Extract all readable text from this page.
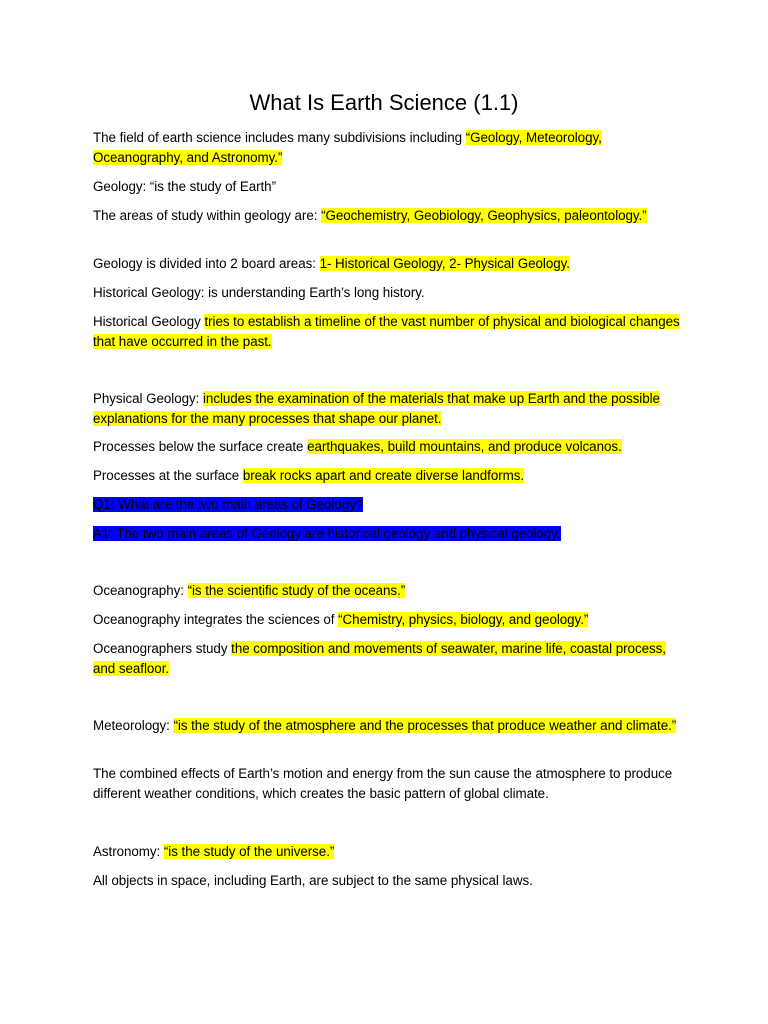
What Is Earth Science (1.1)

The field of earth science includes many subdivisions including “Geology, Meteorology, Oceanography, and Astronomy.”

Geology: “is the study of Earth”

The areas of study within geology are: “Geochemistry, Geobiology, Geophysics, paleontology.”

Geology is divided into 2 board areas: 1- Historical Geology, 2- Physical Geology.

Historical Geology: is understanding Earth’s long history.

Historical Geology tries to establish a timeline of the vast number of physical and biological changes that have occurred in the past.

Physical Geology: includes the examination of the materials that make up Earth and the possible explanations for the many processes that shape our planet.

Processes below the surface create earthquakes, build mountains, and produce volcanos.

Processes at the surface break rocks apart and create diverse landforms.

Q1: What are the two main areas of Geology?

A1: The two main areas of Geology are historical geology and physical geology.

Oceanography: “is the scientific study of the oceans.”

Oceanography integrates the sciences of “Chemistry, physics, biology, and geology.”

Oceanographers study the composition and movements of seawater, marine life, coastal process, and seafloor.

Meteorology: “is the study of the atmosphere and the processes that produce weather and climate.”

The combined effects of Earth’s motion and energy from the sun cause the atmosphere to produce different weather conditions, which creates the basic pattern of global climate.

Astronomy: “is the study of the universe.”

All objects in space, including Earth, are subject to the same physical laws.
